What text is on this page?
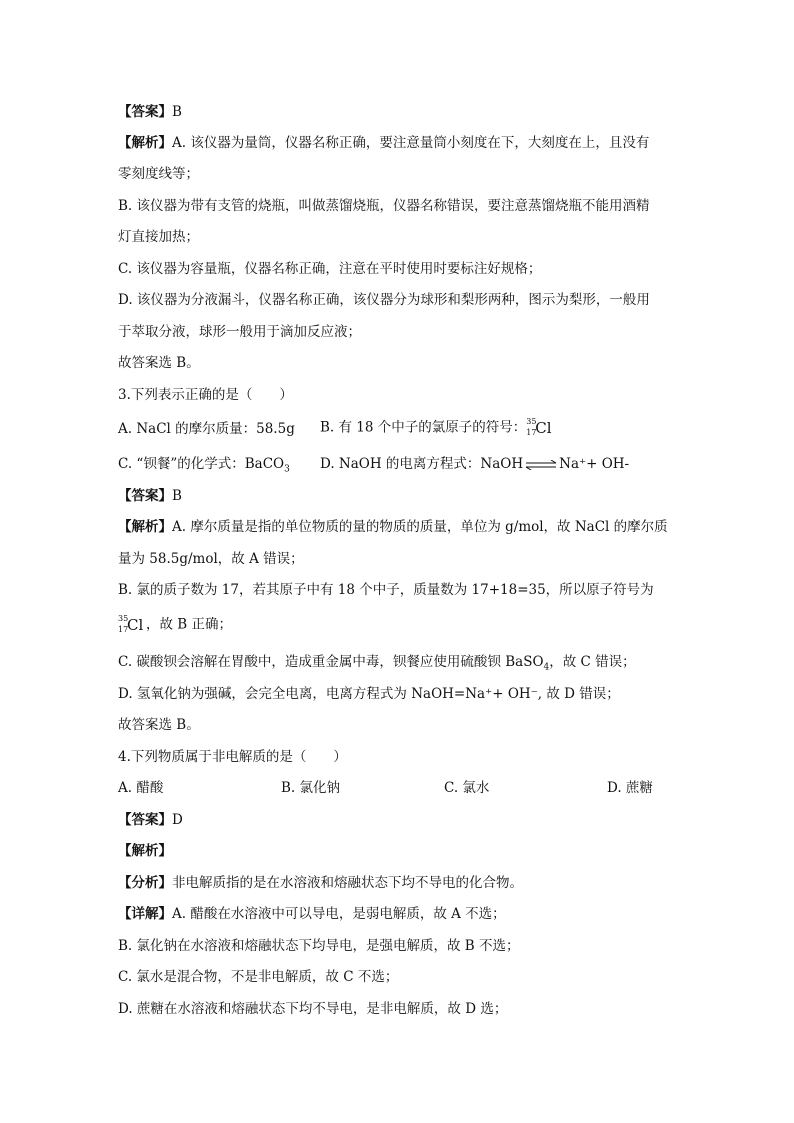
【答案】B
【解析】A. 该仪器为量筒，仪器名称正确，要注意量筒小刻度在下，大刻度在上，且没有
零刻度线等；
B. 该仪器为带有支管的烧瓶，叫做蒸馏烧瓶，仪器名称错误，要注意蒸馏烧瓶不能用酒精
灯直接加热；
C. 该仪器为容量瓶，仪器名称正确，注意在平时使用时要标注好规格；
D. 该仪器为分液漏斗，仪器名称正确，该仪器分为球形和梨形两种，图示为梨形，一般用
于萃取分液，球形一般用于滴加反应液；
故答案选 B。
3.下列表示正确的是（　　）
A. NaCl 的摩尔质量：58.5g B. 有 18 个中子的氯原子的符号： 35
17
Cl
C. “钡餐”的化学式：BaCO$_3$ D. NaOH 的电离方程式：NaOH ⇌ Na⁺+ OH-
【答案】B
【解析】A. 摩尔质量是指的单位物质的量的物质的质量，单位为 g/mol，故 NaCl 的摩尔质
量为 58.5g/mol，故 A 错误；
B. 氯的质子数为 17，若其原子中有 18 个中子，质量数为 17+18=35，所以原子符号为
35
17
Cl ，故 B 正确；
C. 碳酸钡会溶解在胃酸中，造成重金属中毒，钡餐应使用硫酸钡 BaSO$_4$，故 C 错误；
D. 氢氧化钠为强碱，会完全电离，电离方程式为 NaOH=Na⁺+ OH⁻, 故 D 错误；
故答案选 B。
4.下列物质属于非电解质的是（　　）
A. 醋酸	B. 氯化钠	C. 氯水	D. 蔗糖
【答案】D
【解析】
【分析】非电解质指的是在水溶液和熔融状态下均不导电的化合物。
【详解】A. 醋酸在水溶液中可以导电，是弱电解质，故 A 不选；
B. 氯化钠在水溶液和熔融状态下均导电，是强电解质，故 B 不选；
C. 氯水是混合物，不是非电解质，故 C 不选；
D. 蔗糖在水溶液和熔融状态下均不导电，是非电解质，故 D 选；
